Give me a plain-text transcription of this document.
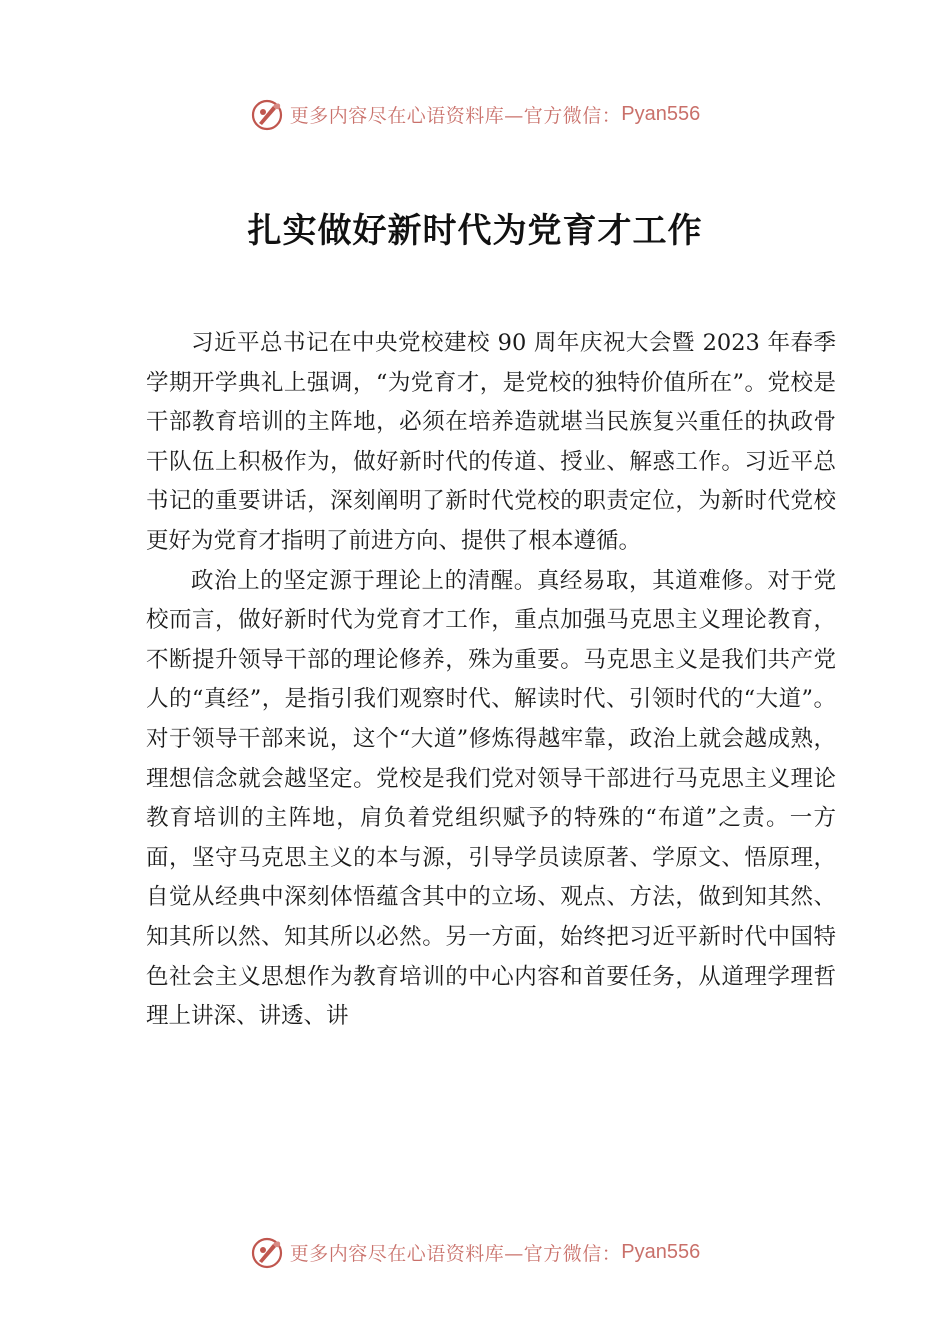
更多内容尽在心语资料库—官方微信： Pyan556
扎实做好新时代为党育才工作

习近平总书记在中央党校建校 90 周年庆祝大会暨 2023 年春季学期开学典礼上强调，“为党育才，是党校的独特价值所在”。党校是干部教育培训的主阵地，必须在培养造就堪当民族复兴重任的执政骨干队伍上积极作为，做好新时代的传道、授业、解惑工作。习近平总书记的重要讲话，深刻阐明了新时代党校的职责定位，为新时代党校更好为党育才指明了前进方向、提供了根本遵循。

政治上的坚定源于理论上的清醒。真经易取，其道难修。对于党校而言，做好新时代为党育才工作，重点加强马克思主义理论教育，不断提升领导干部的理论修养，殊为重要。马克思主义是我们共产党人的“真经”，是指引我们观察时代、解读时代、引领时代的“大道”。对于领导干部来说，这个“大道”修炼得越牢靠，政治上就会越成熟，理想信念就会越坚定。党校是我们党对领导干部进行马克思主义理论教育培训的主阵地，肩负着党组织赋予的特殊的“布道”之责。一方面，坚守马克思主义的本与源，引导学员读原著、学原文、悟原理，自觉从经典中深刻体悟蕴含其中的立场、观点、方法，做到知其然、知其所以然、知其所以必然。另一方面，始终把习近平新时代中国特色社会主义思想作为教育培训的中心内容和首要任务，从道理学理哲理上讲深、讲透、讲

更多内容尽在心语资料库—官方微信： Pyan556
